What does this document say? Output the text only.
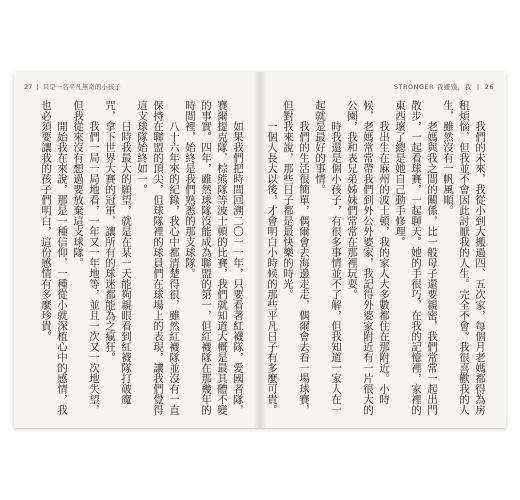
27  |  只是一名平凡無奇的小孩子

如果我們把時間回溯二〇一一年，只要看著紅襪隊，愛國者隊，賽爾提克隊，棕熊隊等波士頓的比賽，我們就知道大概是最具體不變的事實。四年，雖然球隊沒能成為聯盟的第一，但紅襪隊在那幾年的時間裡，始終是我們熟悉的那支球隊。

八十六年來的紀錄，我心中都清楚得很，雖然紅襪隊並沒有一直保持在聯盟的頂尖，但球隊裡的球員們在球場上的表現，讓我們覺得這支球隊始終如一。

日時我最大的願望，就是在某一天能夠親眼看到紅襪隊打破魔咒，拿下世界大賽的冠軍，讓所有的球迷都能為之瘋狂。

我們一局一局地看，一年又一年地等，並且一次又一次地失望，但我從來沒有想過要放棄這支球隊。

開始我在來說，那是一種信仰，一種從小就深植心中的感情，我也必須要讓我的孩子們明白，這份感情有多麼珍貴。

STRONGER 我雖殘，我  |  26

我們的未來，我從小到大搬過四、五次家，每個月老媽都得為房租煩惱，但我並不會因此討厭我的人生。完全不會。我很喜歡我的人生，雖然沒有一帆風順。

老媽與我之間的關係，比一般母子還要親密，我們常常一起出門散步，一起看球賽，一起聊天。她的手很巧，在我的記憶裡，家裡的東西壞了總是她自己動手修理。

我出生在麻州的波士頓，我的家人大多數都住在那附近。小時候，老媽常常帶我們到外公外婆家，我記得外婆家附近有一片很大的公園，我和表兄弟姊妹們常常在那裡玩耍。

時我還是個小孩子，有很多事情並不了解，但我知道一家人在一起就是最好的事情。

我們的生活很簡單，偶爾會去海邊走走，偶爾會去看一場球賽，但對我來說，那些日子都是最快樂的時光。

一個人長大以後，才會明白小時候的那些平凡日子有多麼可貴。
